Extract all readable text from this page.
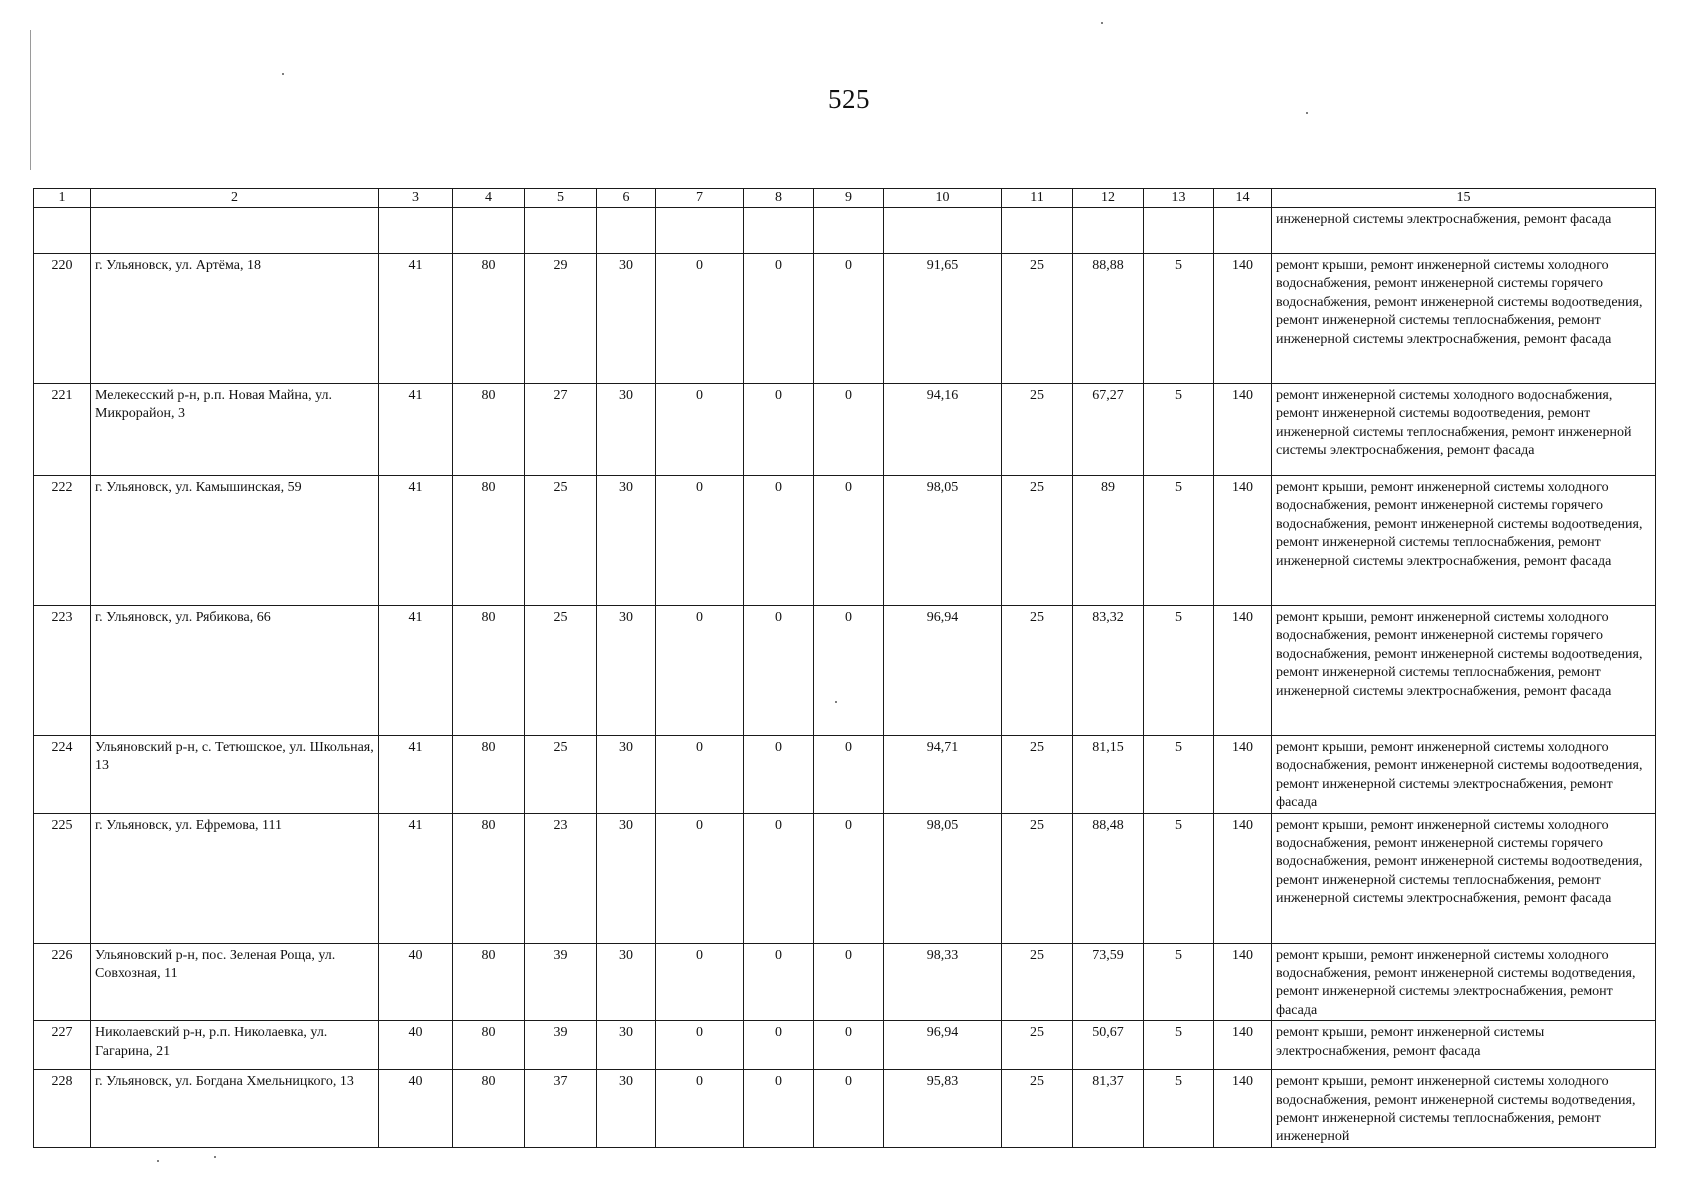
525
1	2	3	4	5	6	7	8	9	10	11	12	13	14	15
														инженерной системы электроснабжения, ремонт фасада
220	г. Ульяновск, ул. Артёма, 18	41	80	29	30	0	0	0	91,65	25	88,88	5	140	ремонт крыши, ремонт инженерной системы холодного водоснабжения, ремонт инженерной системы горячего водоснабжения, ремонт инженерной системы водоотведения, ремонт инженерной системы теплоснабжения, ремонт инженерной системы электроснабжения, ремонт фасада
221	Мелекесский р-н, р.п. Новая Майна, ул. Микрорайон, 3	41	80	27	30	0	0	0	94,16	25	67,27	5	140	ремонт инженерной системы холодного водоснабжения, ремонт инженерной системы водоотведения, ремонт инженерной системы теплоснабжения, ремонт инженерной системы электроснабжения, ремонт фасада
222	г. Ульяновск, ул. Камышинская, 59	41	80	25	30	0	0	0	98,05	25	89	5	140	ремонт крыши, ремонт инженерной системы холодного водоснабжения, ремонт инженерной системы горячего водоснабжения, ремонт инженерной системы водоотведения, ремонт инженерной системы теплоснабжения, ремонт инженерной системы электроснабжения, ремонт фасада
223	г. Ульяновск, ул. Рябикова, 66	41	80	25	30	0	0	0	96,94	25	83,32	5	140	ремонт крыши, ремонт инженерной системы холодного водоснабжения, ремонт инженерной системы горячего водоснабжения, ремонт инженерной системы водоотведения, ремонт инженерной системы теплоснабжения, ремонт инженерной системы электроснабжения, ремонт фасада
224	Ульяновский р-н, с. Тетюшское, ул. Школьная, 13	41	80	25	30	0	0	0	94,71	25	81,15	5	140	ремонт крыши, ремонт инженерной системы холодного водоснабжения, ремонт инженерной системы водоотведения, ремонт инженерной системы электроснабжения, ремонт фасада
225	г. Ульяновск, ул. Ефремова, 111	41	80	23	30	0	0	0	98,05	25	88,48	5	140	ремонт крыши, ремонт инженерной системы холодного водоснабжения, ремонт инженерной системы горячего водоснабжения, ремонт инженерной системы водоотведения, ремонт инженерной системы теплоснабжения, ремонт инженерной системы электроснабжения, ремонт фасада
226	Ульяновский р-н, пос. Зеленая Роща, ул. Совхозная, 11	40	80	39	30	0	0	0	98,33	25	73,59	5	140	ремонт крыши, ремонт инженерной системы холодного водоснабжения, ремонт инженерной системы водотведения, ремонт инженерной системы электроснабжения, ремонт фасада
227	Николаевский р-н, р.п. Николаевка, ул. Гагарина, 21	40	80	39	30	0	0	0	96,94	25	50,67	5	140	ремонт крыши, ремонт инженерной системы электроснабжения, ремонт фасада
228	г. Ульяновск, ул. Богдана Хмельницкого, 13	40	80	37	30	0	0	0	95,83	25	81,37	5	140	ремонт крыши, ремонт инженерной системы холодного водоснабжения, ремонт инженерной системы водотведения, ремонт инженерной системы теплоснабжения, ремонт инженерной
